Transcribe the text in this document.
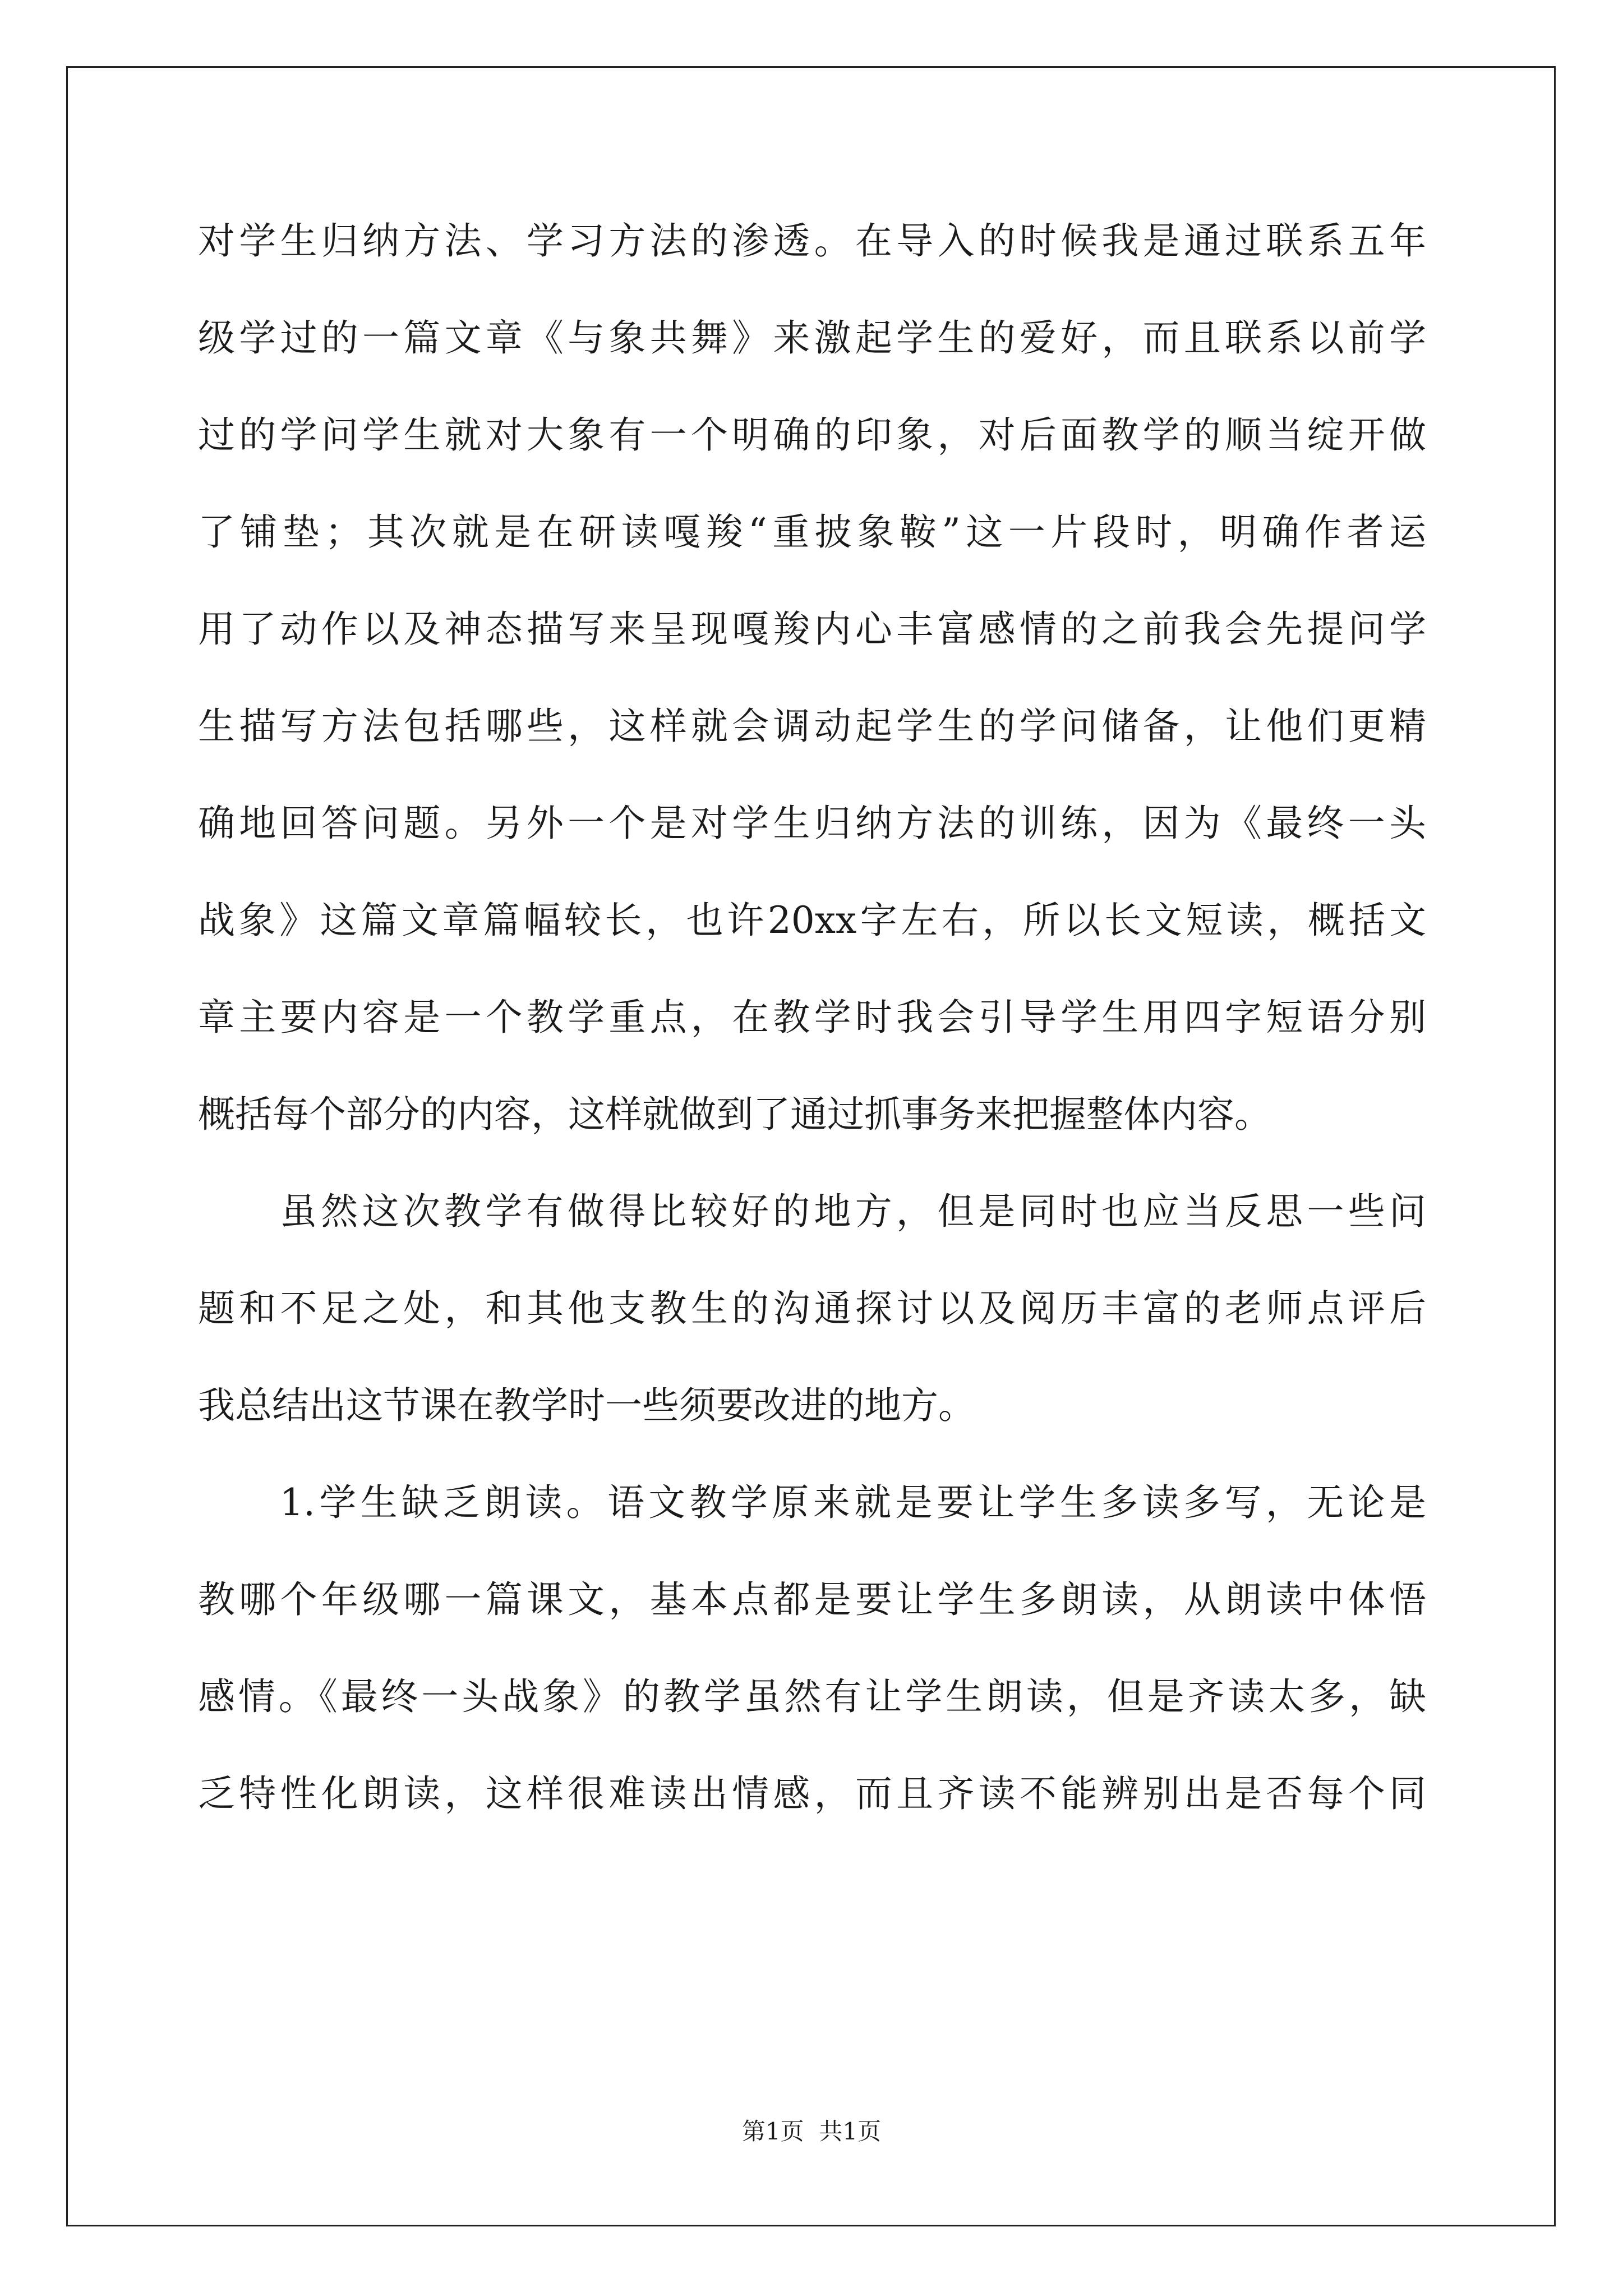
对学生归纳方法、学习方法的渗透。在导入的时候我是通过联系五年
级学过的一篇文章《与象共舞》来激起学生的爱好，而且联系以前学
过的学问学生就对大象有一个明确的印象，对后面教学的顺当绽开做
了铺垫；其次就是在研读嘎羧“重披象鞍”这一片段时，明确作者运
用了动作以及神态描写来呈现嘎羧内心丰富感情的之前我会先提问学
生描写方法包括哪些，这样就会调动起学生的学问储备，让他们更精
确地回答问题。另外一个是对学生归纳方法的训练，因为《最终一头
战象》这篇文章篇幅较长，也许20xx字左右，所以长文短读，概括文
章主要内容是一个教学重点，在教学时我会引导学生用四字短语分别
概括每个部分的内容，这样就做到了通过抓事务来把握整体内容。
虽然这次教学有做得比较好的地方，但是同时也应当反思一些问
题和不足之处，和其他支教生的沟通探讨以及阅历丰富的老师点评后
我总结出这节课在教学时一些须要改进的地方。
1.学生缺乏朗读。语文教学原来就是要让学生多读多写，无论是
教哪个年级哪一篇课文，基本点都是要让学生多朗读，从朗读中体悟
感情。《最终一头战象》的教学虽然有让学生朗读，但是齐读太多，缺
乏特性化朗读，这样很难读出情感，而且齐读不能辨别出是否每个同
第1页  共1页
